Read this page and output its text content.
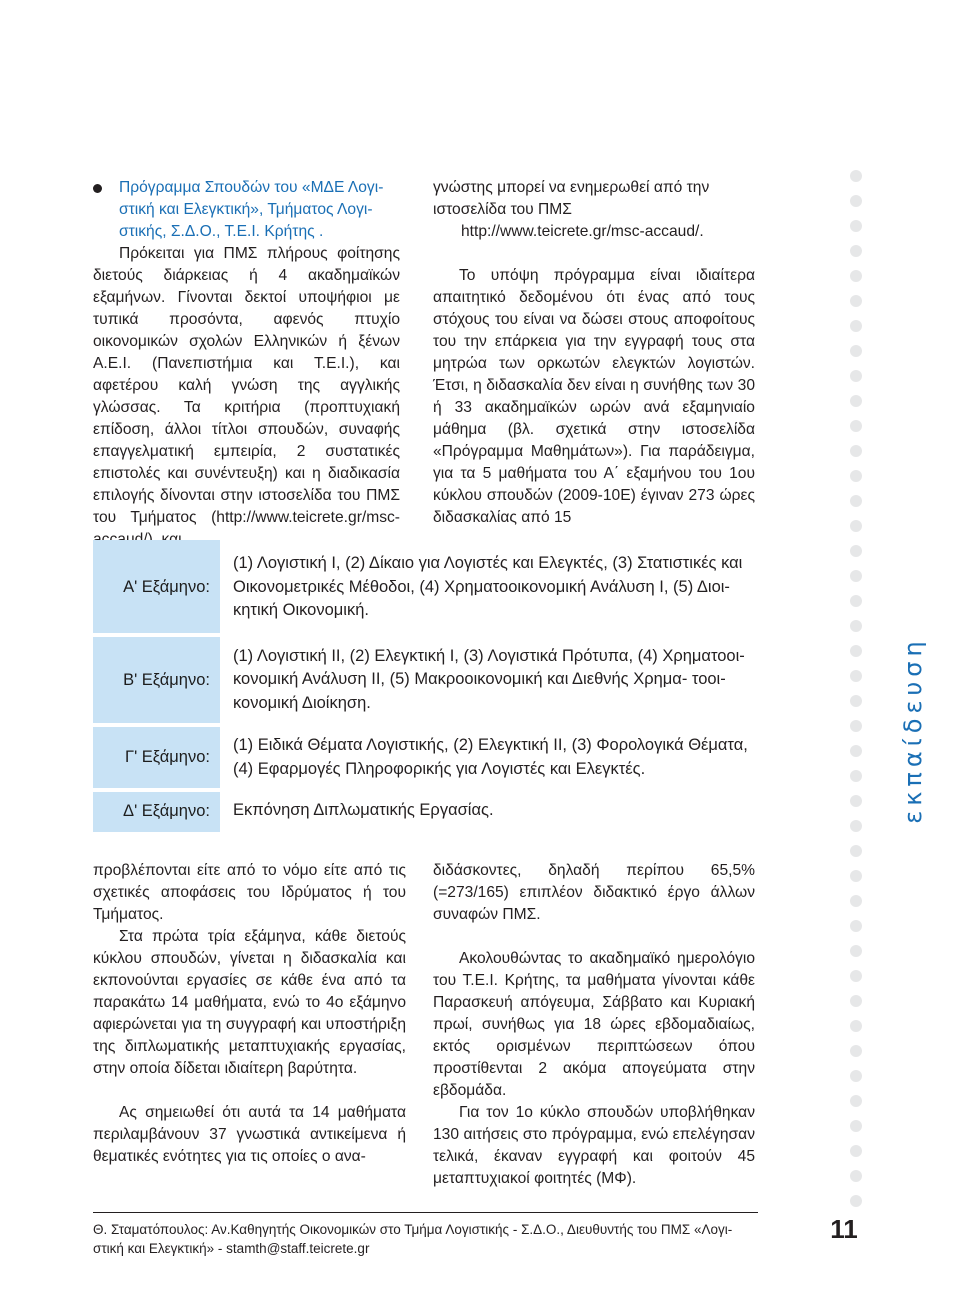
Πρόγραμμα Σπουδών του «ΜΔΕ Λογι-

στική και Ελεγκτική», Τμήματος Λογι-

στικής, Σ.Δ.Ο., Τ.Ε.Ι. Κρήτης .

Πρόκειται για ΠΜΣ πλήρους φοίτησης διετούς διάρκειας ή 4 ακαδημαϊκών εξαμήνων. Γίνονται δεκτοί υποψήφιοι με τυπικά προσόντα, αφενός πτυχίο οικονομικών σχολών Ελληνικών ή ξένων Α.Ε.Ι. (Πανεπιστήμια και Τ.Ε.Ι.), και αφετέρου καλή γνώση της αγγλικής γλώσσας. Τα κριτήρια (προπτυχιακή επίδοση, άλλοι τίτλοι σπουδών, συναφής επαγγελματική εμπειρία, 2 συστατικές επιστολές και συνέντευξη) και η διαδικασία επιλογής δίνονται στην ιστοσελίδα του ΠΜΣ του Τμήματος (http://www.teicrete.gr/msc-

γνώστης μπορεί να ενημερωθεί από την ιστοσελίδα του ΠΜΣ

http://www.teicrete.gr/msc-accaud/.

Το υπόψη πρόγραμμα είναι ιδιαίτερα απαιτητικό δεδομένου ότι ένας από τους στόχους του είναι να δώσει στους αποφοίτους του την επάρκεια για την εγγραφή τους στα μητρώα των ορκωτών ελεγκτών λογιστών. Έτσι, η διδασκαλία δεν είναι η συνήθης των 30 ή 33 ακαδημαϊκών ωρών ανά εξαμηνιαίο μάθημα (βλ. σχετικά στην ιστοσελίδα «Πρόγραμμα Μαθημάτων»). Για παράδειγμα, για τα 5 μαθήματα του Α΄ εξαμήνου του 1ου κύκλου σπουδών (2009-10Ε) έγιναν 273 ώρες διδασκαλίας από 15

Α' Εξάμηνο:
(1) Λογιστική Ι, (2) Δίκαιο για Λογιστές και Ελεγκτές, (3) Στατιστικές και
Οικονομετρικές Μέθοδοι, (4) Χρηματοοικονομική Ανάλυση Ι, (5) Διοι-
κητική Οικονομική.
Β' Εξάμηνο:
(1) Λογιστική ΙΙ, (2) Ελεγκτική Ι, (3) Λογιστικά Πρότυπα, (4) Χρηματοοι-
κονομική Ανάλυση ΙΙ, (5) Μακροοικονομική και Διεθνής Χρημα- τοοι-
κονομική Διοίκηση.
Γ' Εξάμηνο:
(1) Ειδικά Θέματα Λογιστικής, (2) Ελεγκτική ΙΙ, (3) Φορολογικά Θέματα,
(4) Εφαρμογές Πληροφορικής για Λογιστές και Ελεγκτές.
Δ' Εξάμηνο:	Εκπόνηση Διπλωματικής Εργασίας.

προβλέπονται είτε από το νόμο είτε από τις σχετικές αποφάσεις του Ιδρύματος ή του Τμήματος.

Στα πρώτα τρία εξάμηνα, κάθε διετούς κύκλου σπουδών, γίνεται η διδασκαλία και εκπονούνται εργασίες σε κάθε ένα από τα παρακάτω 14 μαθήματα, ενώ το 4ο εξάμηνο αφιερώνεται για τη συγγραφή και υποστήριξη της διπλωματικής μεταπτυχιακής εργασίας, στην οποία δίδεται ιδιαίτερη βαρύτητα.

Ας σημειωθεί ότι αυτά τα 14 μαθήματα περιλαμβάνουν 37 γνωστικά αντικείμενα ή θεματικές ενότητες για τις οποίες ο ανα-

διδάσκοντες, δηλαδή περίπου 65,5% (=273/165) επιπλέον διδακτικό έργο άλλων συναφών ΠΜΣ.

Ακολουθώντας το ακαδημαϊκό ημερολόγιο του Τ.Ε.Ι. Κρήτης, τα μαθήματα γίνονται κάθε Παρασκευή απόγευμα, Σάββατο και Κυριακή πρωί, συνήθως για 18 ώρες εβδομαδιαίως, εκτός ορισμένων περιπτώσεων όπου προστίθενται 2 ακόμα απογεύματα στην εβδομάδα.

Για τον 1ο κύκλο σπουδών υποβλήθηκαν 130 αιτήσεις στο πρόγραμμα, ενώ επελέγησαν τελικά, έκαναν εγγραφή και φοιτούν 45 μεταπτυχιακοί φοιτητές (ΜΦ).

εκπαίδευση
Θ. Σταματόπουλος: Αν.Καθηγητής Οικονομικών στο Τμήμα Λογιστικής - Σ.Δ.Ο., Διευθυντής του ΠΜΣ «Λογι-
στική και Ελεγκτική» - stamth@staff.teicrete.gr
11
